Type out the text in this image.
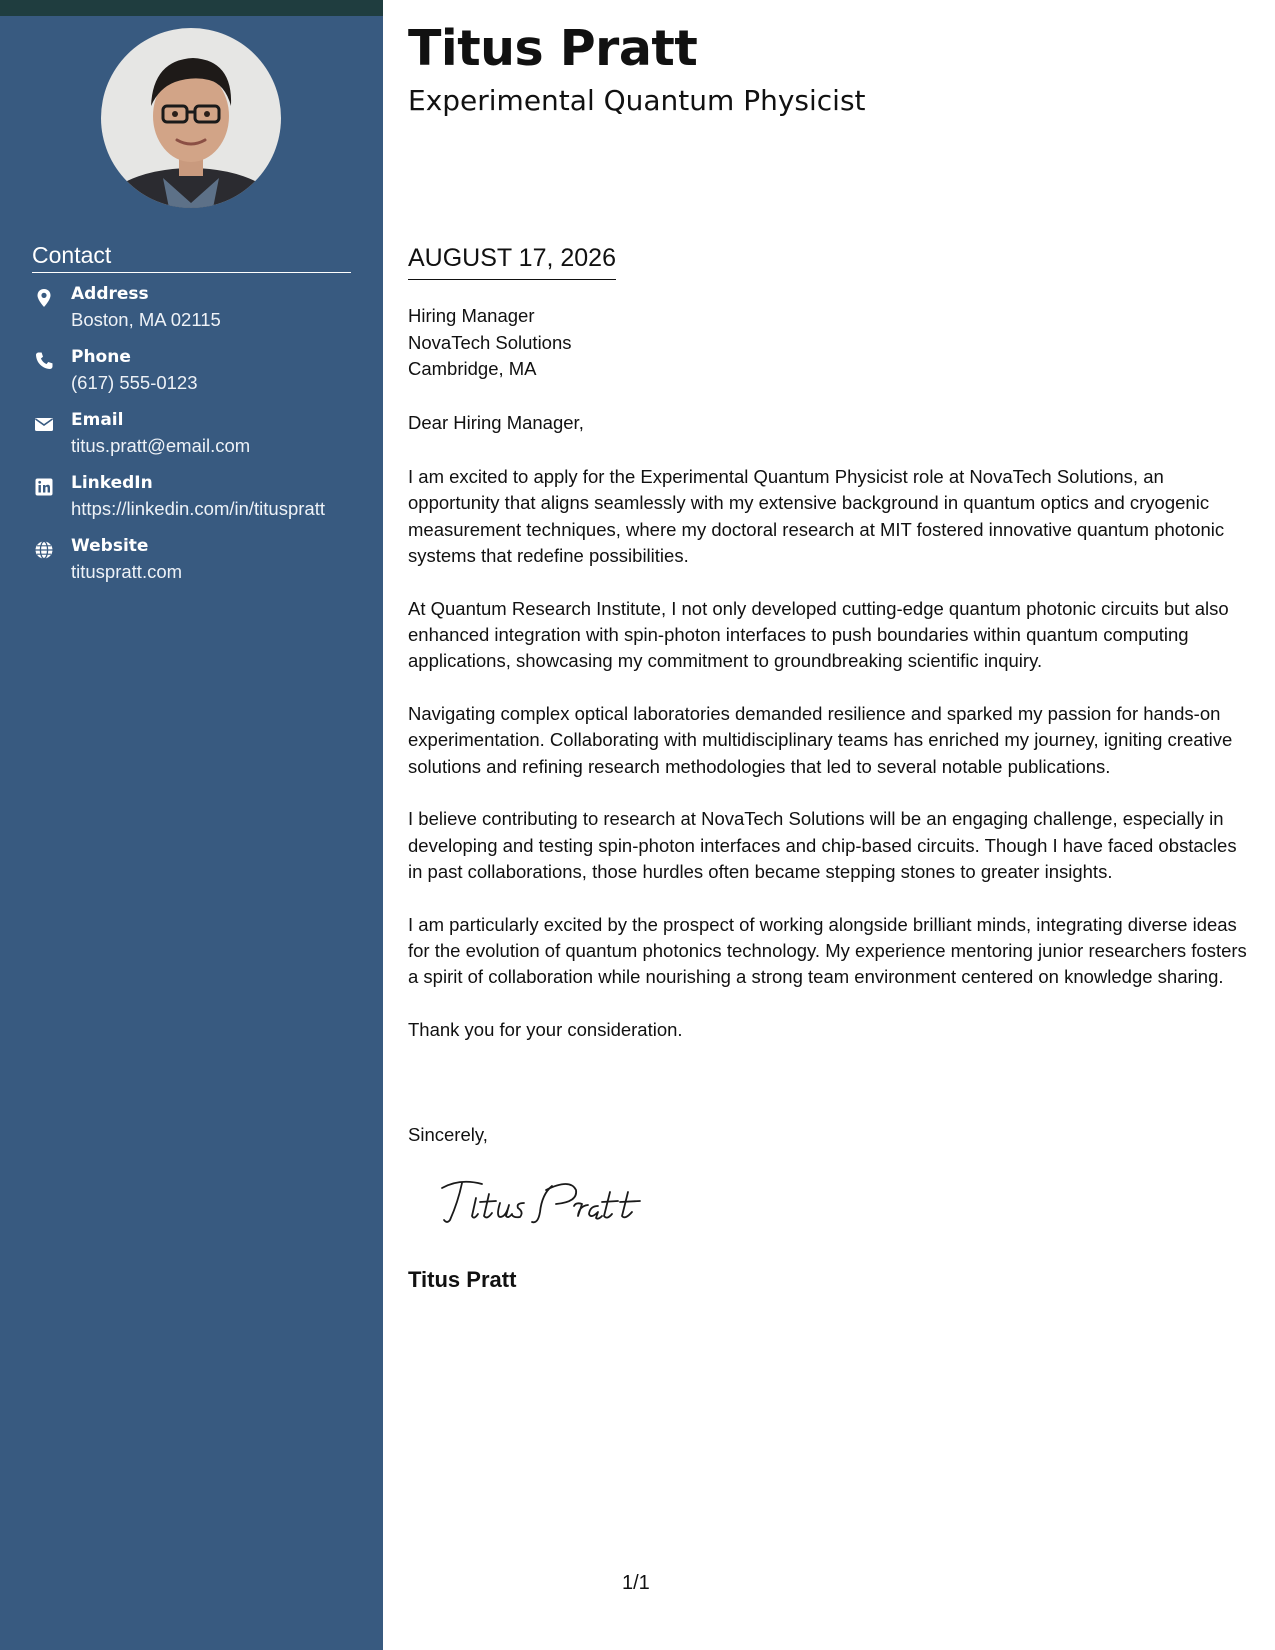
Contact
Address
Boston, MA 02115
Phone
(617) 555-0123
Email
titus.pratt@email.com
LinkedIn
https://linkedin.com/in/tituspratt
Website
tituspratt.com
Titus Pratt
Experimental Quantum Physicist
AUGUST 17, 2026
Hiring Manager
NovaTech Solutions
Cambridge, MA
Dear Hiring Manager,

I am excited to apply for the Experimental Quantum Physicist role at NovaTech Solutions, an opportunity that aligns seamlessly with my extensive background in quantum optics and cryogenic measurement techniques, where my doctoral research at MIT fostered innovative quantum photonic systems that redefine possibilities.

At Quantum Research Institute, I not only developed cutting-edge quantum photonic circuits but also enhanced integration with spin-photon interfaces to push boundaries within quantum computing applications, showcasing my commitment to groundbreaking scientific inquiry.

Navigating complex optical laboratories demanded resilience and sparked my passion for hands-on experimentation. Collaborating with multidisciplinary teams has enriched my journey, igniting creative solutions and refining research methodologies that led to several notable publications.

I believe contributing to research at NovaTech Solutions will be an engaging challenge, especially in developing and testing spin-photon interfaces and chip-based circuits. Though I have faced obstacles in past collaborations, those hurdles often became stepping stones to greater insights.

I am particularly excited by the prospect of working alongside brilliant minds, integrating diverse ideas for the evolution of quantum photonics technology. My experience mentoring junior researchers fosters a spirit of collaboration while nourishing a strong team environment centered on knowledge sharing.

Thank you for your consideration.

Sincerely,
Titus Pratt
1/1
